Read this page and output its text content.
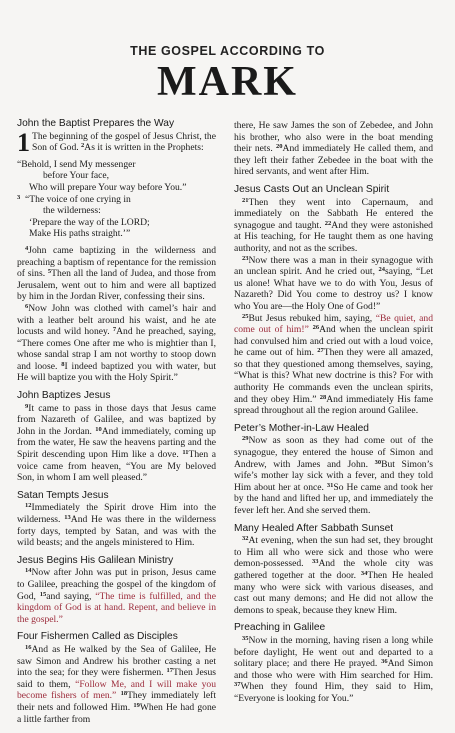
THE GOSPEL ACCORDING TO
MARK
John the Baptist Prepares the Way

1 The beginning of the gospel of Jesus Christ, the Son of God. $^2$As it is written in the Prophets:

“Behold, I send My messenger
before Your face,
Who will prepare Your way before You.”
$^3$ “The voice of one crying in
the wilderness:
‘Prepare the way of the LORD;
Make His paths straight.’”

$^4$John came baptizing in the wilderness and preaching a baptism of repentance for the remission of sins. $^5$Then all the land of Judea, and those from Jerusalem, went out to him and were all baptized by him in the Jordan River, confessing their sins.

$^6$Now John was clothed with camel’s hair and with a leather belt around his waist, and he ate locusts and wild honey. $^7$And he preached, saying, “There comes One after me who is mightier than I, whose sandal strap I am not worthy to stoop down and loose. $^8$I indeed baptized you with water, but He will baptize you with the Holy Spirit.”

John Baptizes Jesus

$^9$It came to pass in those days that Jesus came from Nazareth of Galilee, and was baptized by John in the Jordan. $^{10}$And immediately, coming up from the water, He saw the heavens parting and the Spirit descending upon Him like a dove. $^{11}$Then a voice came from heaven, “You are My beloved Son, in whom I am well pleased.”

Satan Tempts Jesus

$^{12}$Immediately the Spirit drove Him into the wilderness. $^{13}$And He was there in the wilderness forty days, tempted by Satan, and was with the wild beasts; and the angels ministered to Him.

Jesus Begins His Galilean Ministry

$^{14}$Now after John was put in prison, Jesus came to Galilee, preaching the gospel of the kingdom of God, $^{15}$and saying, “The time is fulfilled, and the kingdom of God is at hand. Repent, and believe in the gospel.”

Four Fishermen Called as Disciples

$^{16}$And as He walked by the Sea of Galilee, He saw Simon and Andrew his brother casting a net into the sea; for they were fishermen. $^{17}$Then Jesus said to them, “Follow Me, and I will make you become fishers of men.” $^{18}$They immediately left their nets and followed Him. $^{19}$When He had gone a little farther from

there, He saw James the son of Zebedee, and John his brother, who also were in the boat mending their nets. $^{20}$And immediately He called them, and they left their father Zebedee in the boat with the hired servants, and went after Him.

Jesus Casts Out an Unclean Spirit

$^{21}$Then they went into Capernaum, and immediately on the Sabbath He entered the synagogue and taught. $^{22}$And they were astonished at His teaching, for He taught them as one having authority, and not as the scribes.

$^{23}$Now there was a man in their synagogue with an unclean spirit. And he cried out, $^{24}$saying, “Let us alone! What have we to do with You, Jesus of Nazareth? Did You come to destroy us? I know who You are—the Holy One of God!”

$^{25}$But Jesus rebuked him, saying, “Be quiet, and come out of him!” $^{26}$And when the unclean spirit had convulsed him and cried out with a loud voice, he came out of him. $^{27}$Then they were all amazed, so that they questioned among themselves, saying, “What is this? What new doctrine is this? For with authority He commands even the unclean spirits, and they obey Him.” $^{28}$And immediately His fame spread throughout all the region around Galilee.

Peter’s Mother-in-Law Healed

$^{29}$Now as soon as they had come out of the synagogue, they entered the house of Simon and Andrew, with James and John. $^{30}$But Simon’s wife’s mother lay sick with a fever, and they told Him about her at once. $^{31}$So He came and took her by the hand and lifted her up, and immediately the fever left her. And she served them.

Many Healed After Sabbath Sunset

$^{32}$At evening, when the sun had set, they brought to Him all who were sick and those who were demon-possessed. $^{33}$And the whole city was gathered together at the door. $^{34}$Then He healed many who were sick with various diseases, and cast out many demons; and He did not allow the demons to speak, because they knew Him.

Preaching in Galilee

$^{35}$Now in the morning, having risen a long while before daylight, He went out and departed to a solitary place; and there He prayed. $^{36}$And Simon and those who were with Him searched for Him. $^{37}$When they found Him, they said to Him, “Everyone is looking for You.”
